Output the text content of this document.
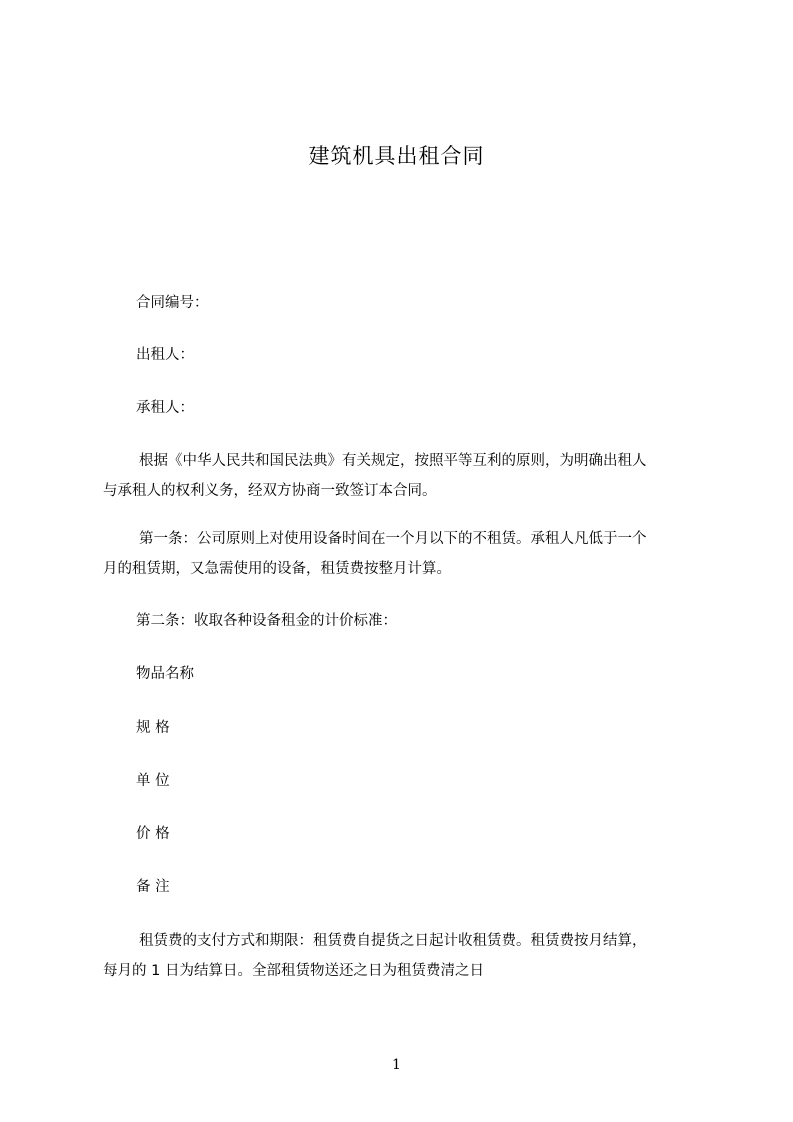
建筑机具出租合同
合同编号：
出租人：
承租人：
根据《中华人民共和国民法典》有关规定，按照平等互利的原则，为明确出租人
与承租人的权利义务，经双方协商一致签订本合同。
第一条：公司原则上对使用设备时间在一个月以下的不租赁。承租人凡低于一个
月的租赁期，又急需使用的设备，租赁费按整月计算。
第二条：收取各种设备租金的计价标准：
物品名称
规 格
单 位
价 格
备 注
租赁费的支付方式和期限：租赁费自提货之日起计收租赁费。租赁费按月结算，
每月的 1 日为结算日。全部租赁物送还之日为租赁费清之日
1
